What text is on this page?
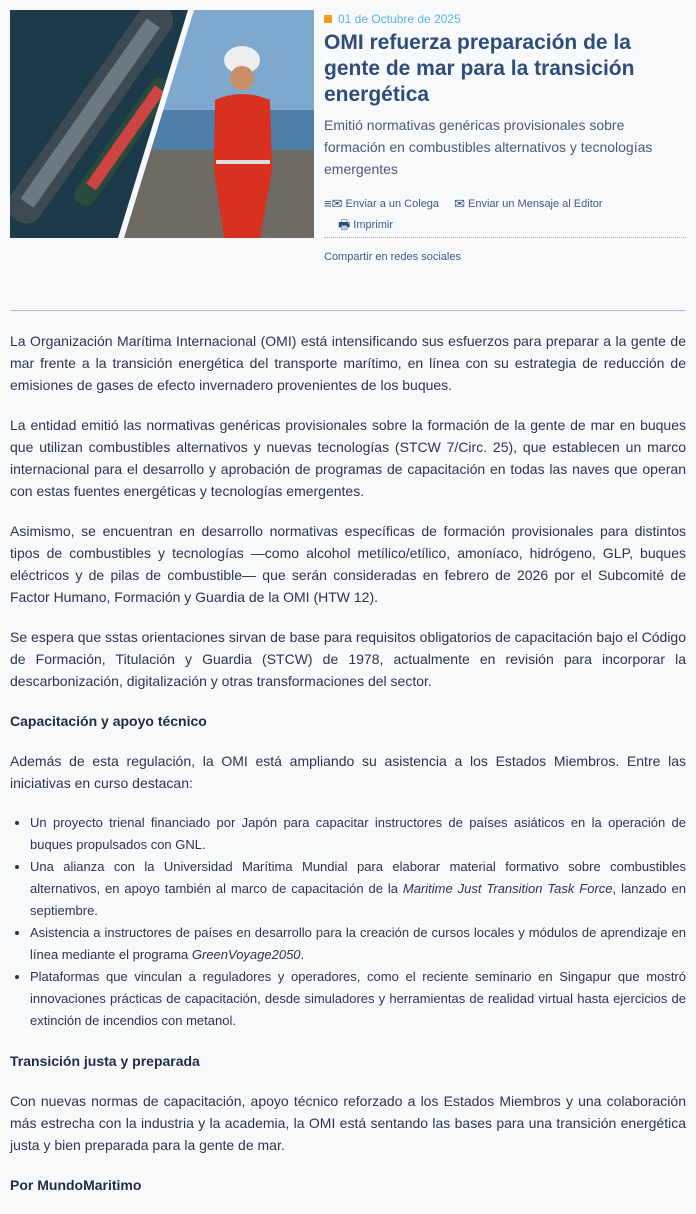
01 de Octubre de 2025
OMI refuerza preparación de la gente de mar para la transición energética
Emitió normativas genéricas provisionales sobre formación en combustibles alternativos y tecnologías emergentes
≡✉ Enviar a un Colega
✉ Enviar un Mensaje al Editor

🖶 Imprimir
Compartir en redes sociales

La Organización Marítima Internacional (OMI) está intensificando sus esfuerzos para preparar a la gente de mar frente a la transición energética del transporte marítimo, en línea con su estrategia de reducción de emisiones de gases de efecto invernadero provenientes de los buques.

La entidad emitió las normativas genéricas provisionales sobre la formación de la gente de mar en buques que utilizan combustibles alternativos y nuevas tecnologías (STCW 7/Circ. 25), que establecen un marco internacional para el desarrollo y aprobación de programas de capacitación en todas las naves que operan con estas fuentes energéticas y tecnologías emergentes.

Asimismo, se encuentran en desarrollo normativas específicas de formación provisionales para distintos tipos de combustibles y tecnologías —como alcohol metílico/etílico, amoníaco, hidrógeno, GLP, buques eléctricos y de pilas de combustible— que serán consideradas en febrero de 2026 por el Subcomité de Factor Humano, Formación y Guardia de la OMI (HTW 12).

Se espera que sstas orientaciones sirvan de base para requisitos obligatorios de capacitación bajo el Código de Formación, Titulación y Guardia (STCW) de 1978, actualmente en revisión para incorporar la descarbonización, digitalización y otras transformaciones del sector.

Capacitación y apoyo técnico

Además de esta regulación, la OMI está ampliando su asistencia a los Estados Miembros. Entre las iniciativas en curso destacan:

• Un proyecto trienal financiado por Japón para capacitar instructores de países asiáticos en la operación de buques propulsados con GNL.
• Una alianza con la Universidad Marítima Mundial para elaborar material formativo sobre combustibles alternativos, en apoyo también al marco de capacitación de la Maritime Just Transition Task Force, lanzado en septiembre.
• Asistencia a instructores de países en desarrollo para la creación de cursos locales y módulos de aprendizaje en línea mediante el programa GreenVoyage2050.
• Plataformas que vinculan a reguladores y operadores, como el reciente seminario en Singapur que mostró innovaciones prácticas de capacitación, desde simuladores y herramientas de realidad virtual hasta ejercicios de extinción de incendios con metanol.
Transición justa y preparada

Con nuevas normas de capacitación, apoyo técnico reforzado a los Estados Miembros y una colaboración más estrecha con la industria y la academia, la OMI está sentando las bases para una transición energética justa y bien preparada para la gente de mar.

Por MundoMaritimo
